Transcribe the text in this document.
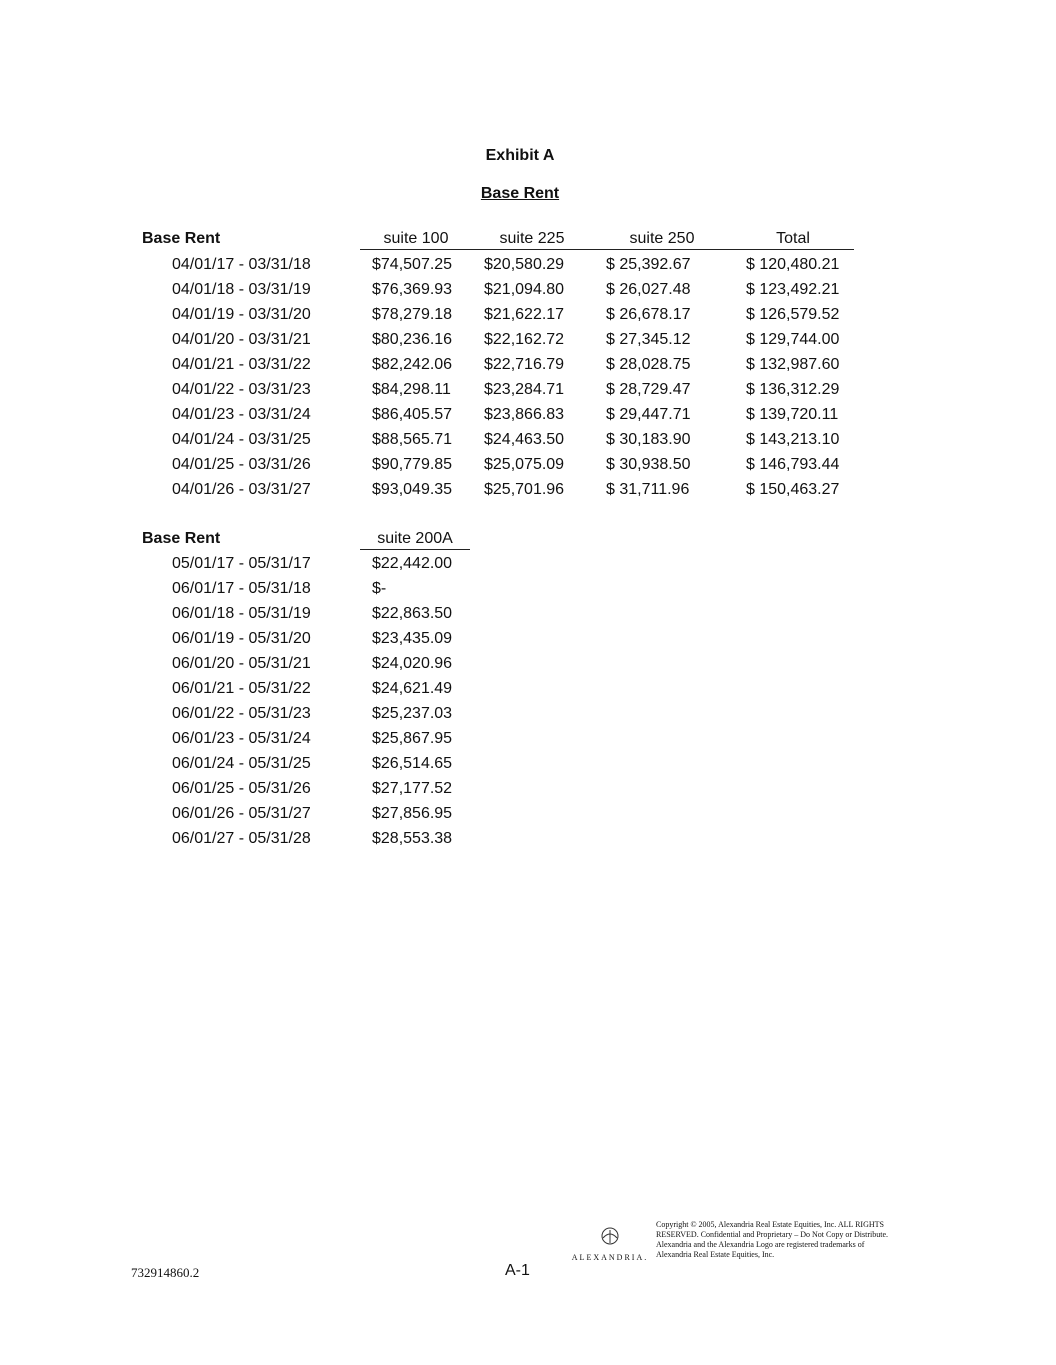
Exhibit A
Base Rent
Base Rent	suite 100	suite 225	suite 250	Total
04/01/17 - 03/31/18	$74,507.25 $20,580.29	$ 25,392.67	$ 120,480.21
04/01/18 - 03/31/19	$76,369.93 $21,094.80	$ 26,027.48	$ 123,492.21
04/01/19 - 03/31/20	$78,279.18 $21,622.17	$ 26,678.17	$ 126,579.52
04/01/20 - 03/31/21	$80,236.16 $22,162.72	$ 27,345.12	$ 129,744.00
04/01/21 - 03/31/22	$82,242.06 $22,716.79	$ 28,028.75	$ 132,987.60
04/01/22 - 03/31/23	$84,298.11 $23,284.71	$ 28,729.47	$ 136,312.29
04/01/23 - 03/31/24	$86,405.57 $23,866.83	$ 29,447.71	$ 139,720.11
04/01/24 - 03/31/25	$88,565.71 $24,463.50	$ 30,183.90	$ 143,213.10
04/01/25 - 03/31/26	$90,779.85 $25,075.09	$ 30,938.50	$ 146,793.44
04/01/26 - 03/31/27	$93,049.35 $25,701.96	$ 31,711.96	$ 150,463.27
Base Rent	suite 200A
05/01/17 - 05/31/17	$22,442.00
06/01/17 - 05/31/18	$-
06/01/18 - 05/31/19	$22,863.50
06/01/19 - 05/31/20	$23,435.09
06/01/20 - 05/31/21	$24,020.96
06/01/21 - 05/31/22	$24,621.49
06/01/22 - 05/31/23	$25,237.03
06/01/23 - 05/31/24	$25,867.95
06/01/24 - 05/31/25	$26,514.65
06/01/25 - 05/31/26	$27,177.52
06/01/26 - 05/31/27	$27,856.95
06/01/27 - 05/31/28	$28,553.38
732914860.2	A-1
ALEXANDRIA.
Copyright © 2005, Alexandria Real Estate Equities, Inc. ALL RIGHTS RESERVED. Confidential and Proprietary – Do Not Copy or Distribute. Alexandria and the Alexandria Logo are registered trademarks of Alexandria Real Estate Equities, Inc.
